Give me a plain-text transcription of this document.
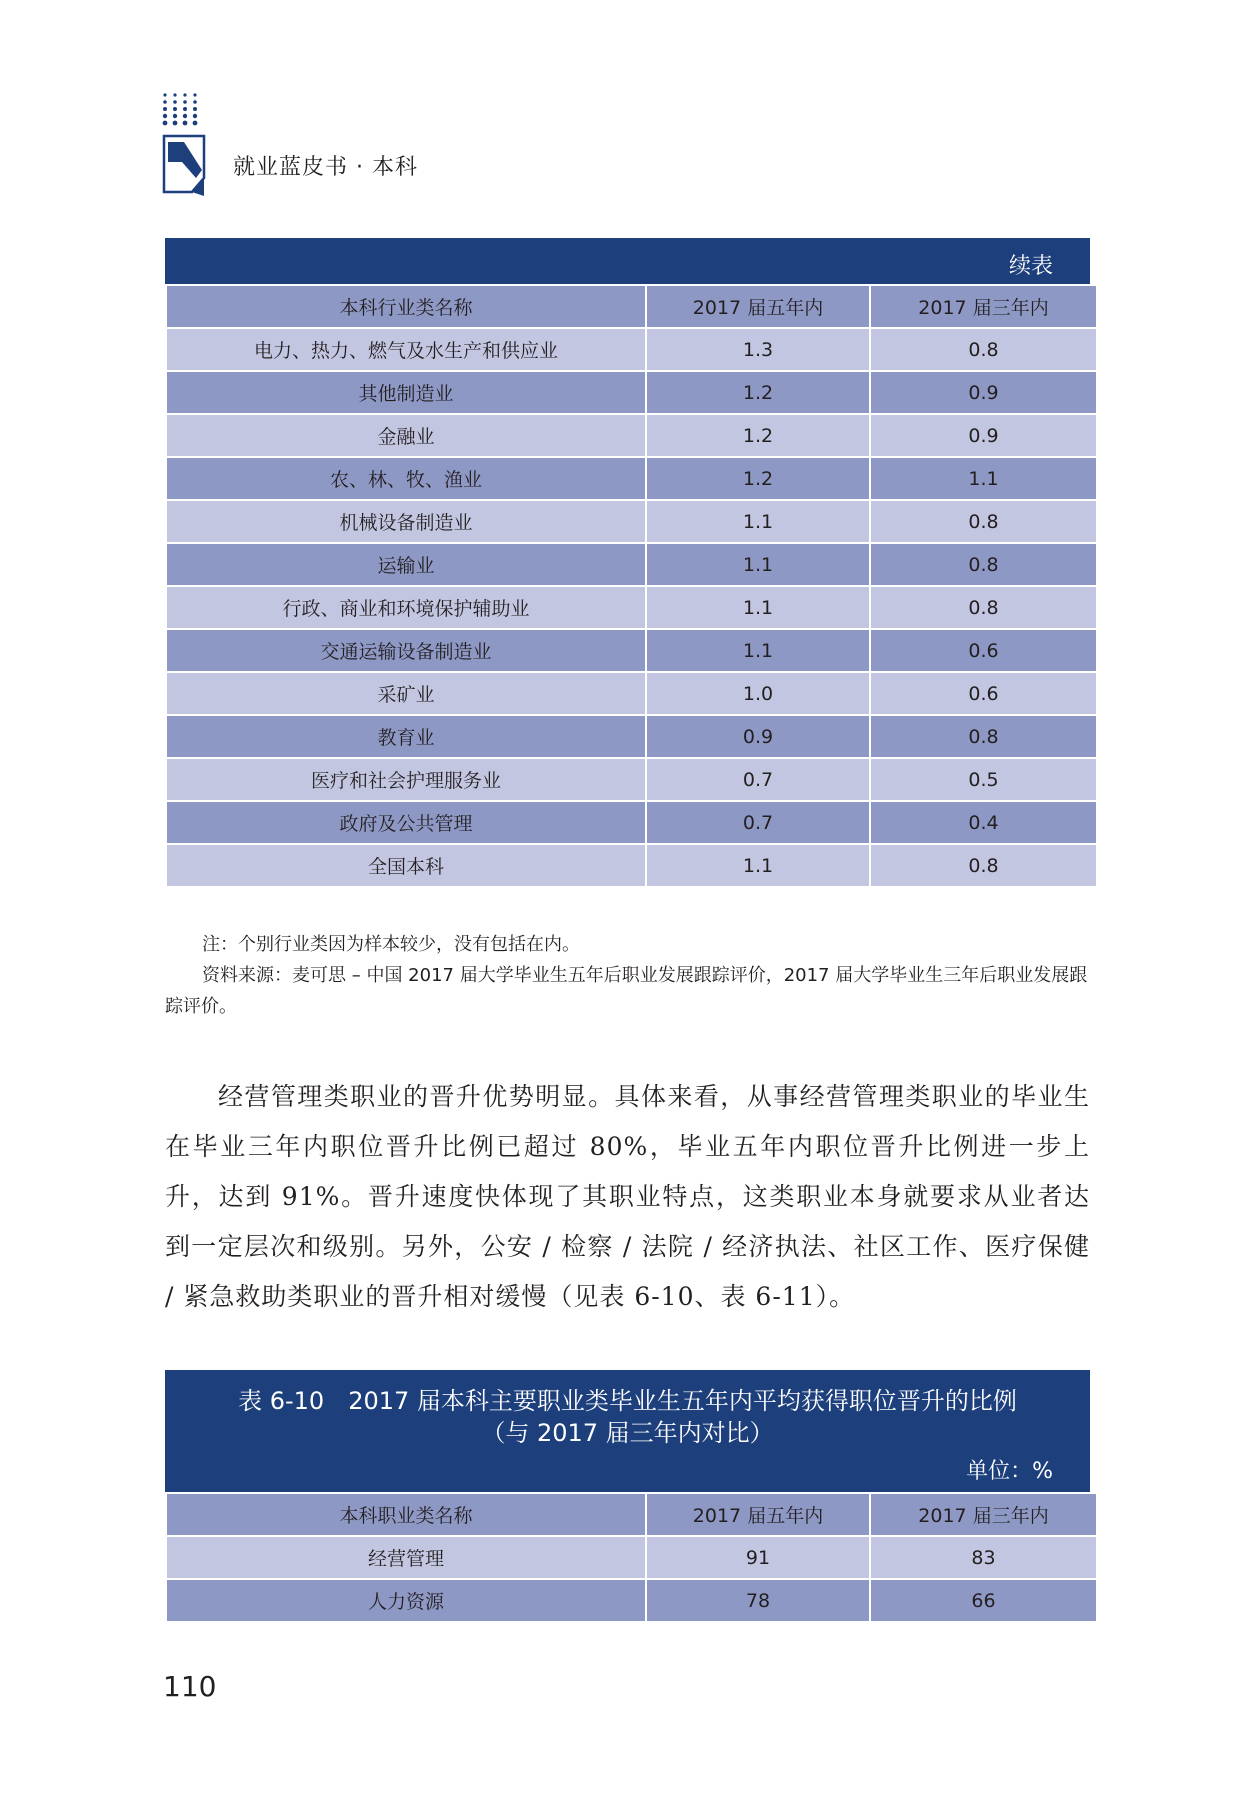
就业蓝皮书 · 本科
续表
本科行业类名称	2017 届五年内	2017 届三年内
电力、热力、燃气及水生产和供应业	1.3	0.8
其他制造业	1.2	0.9
金融业	1.2	0.9
农、林、牧、渔业	1.2	1.1
机械设备制造业	1.1	0.8
运输业	1.1	0.8
行政、商业和环境保护辅助业	1.1	0.8
交通运输设备制造业	1.1	0.6
采矿业	1.0	0.6
教育业	0.9	0.8
医疗和社会护理服务业	0.7	0.5
政府及公共管理	0.7	0.4
全国本科	1.1	0.8
注：个别行业类因为样本较少，没有包括在内。
资料来源：麦可思 – 中国 2017 届大学毕业生五年后职业发展跟踪评价，2017 届大学毕业生三年后职业发展跟踪评价。
经营管理类职业的晋升优势明显。具体来看，从事经营管理类职业的毕业生在毕业三年内职位晋升比例已超过 80%，毕业五年内职位晋升比例进一步上升，达到 91%。晋升速度快体现了其职业特点，这类职业本身就要求从业者达到一定层次和级别。另外，公安 / 检察 / 法院 / 经济执法、社区工作、医疗保健 / 紧急救助类职业的晋升相对缓慢（见表 6-10、表 6-11）。
表 6-10　2017 届本科主要职业类毕业生五年内平均获得职位晋升的比例
（与 2017 届三年内对比）
单位：%
本科职业类名称	2017 届五年内	2017 届三年内
经营管理	91	83
人力资源	78	66
110
